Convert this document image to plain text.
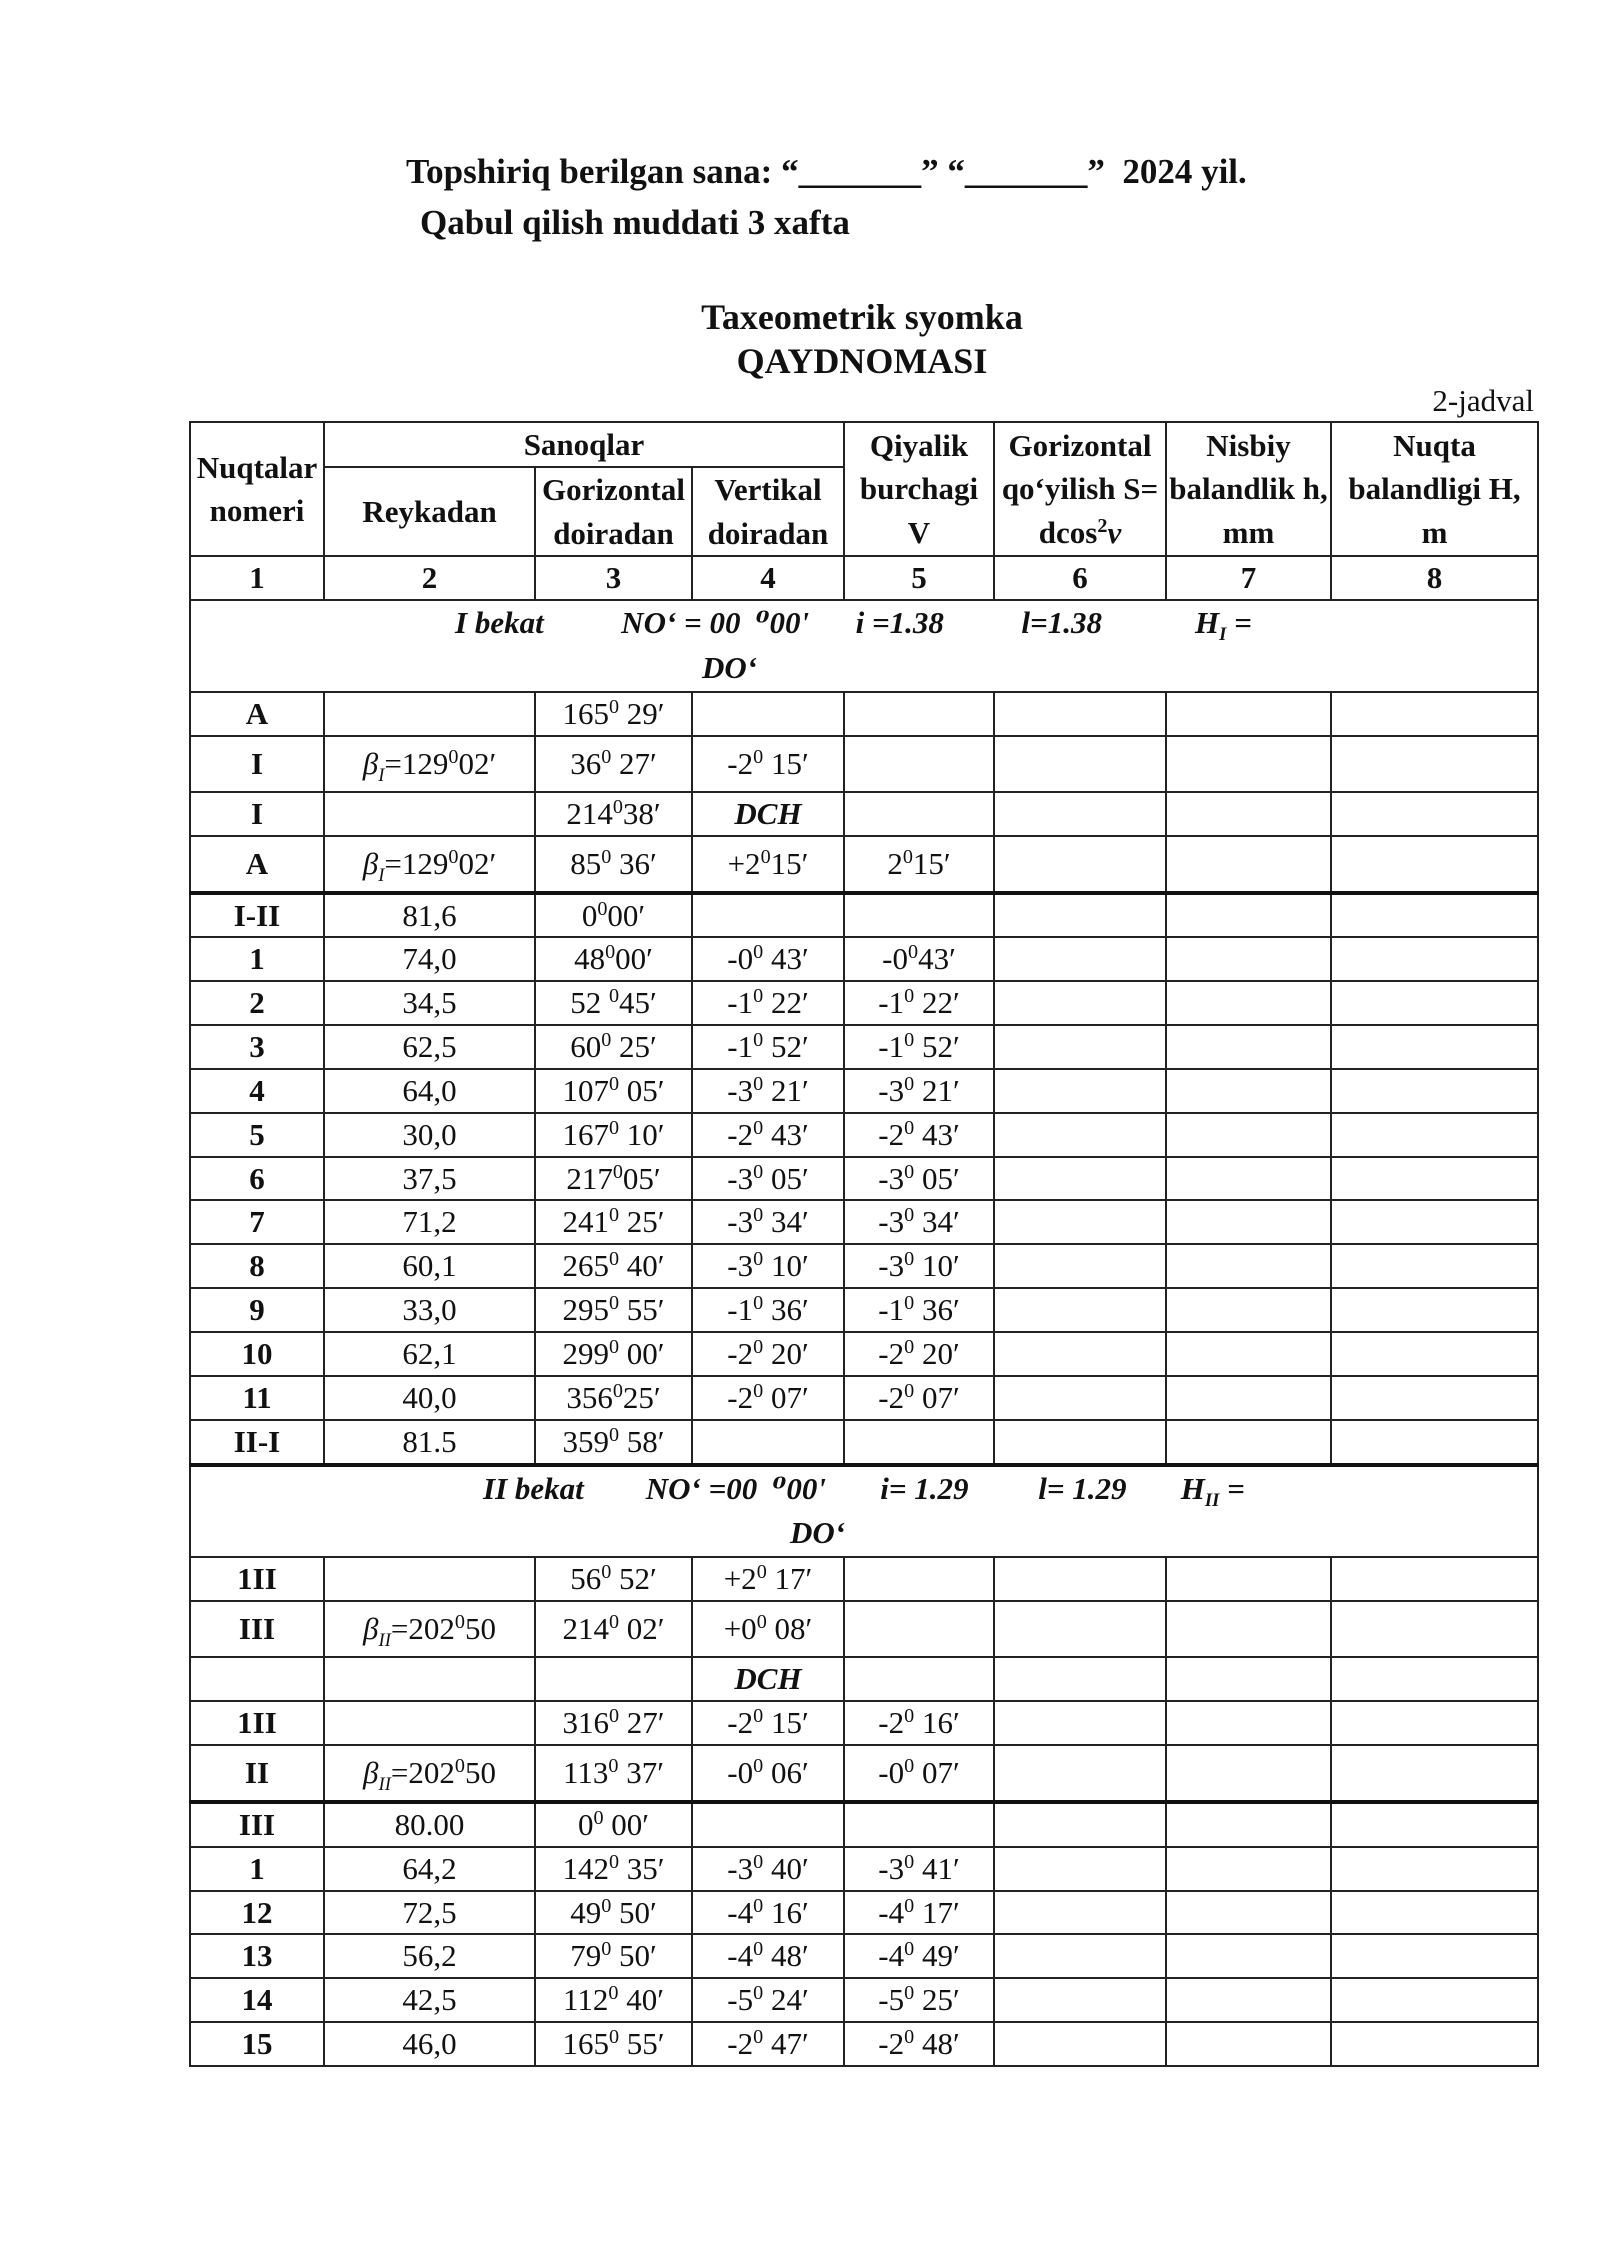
Topshiriq berilgan sana: “_______” “_______”  2024 yil.
Qabul qilish muddati 3 xafta
Taxeometrik syomka
QAYDNOMASI
2-jadval
Nuqtalar nomeri	Sanoqlar			Qiyalik burchagi V	Gorizontal qo‘yilish S= dcos$^2$ν	Nisbiy balandlik h, mm	Nuqta balandligi H, m
	Reykadan	Gorizontal doiradan	Vertikal doiradan				
1	2	3	4	5	6	7	8
I bekat          NO‘ = 00  ⁰00'      i =1.38          l=1.38            $H_I$ =
DO‘							
A		$165^0$ 29′					
I	$\beta_I=129^002'$	$36^0$ 27′	$-2^0$ 15′				
I		$214^038'$	DCH				
A	$\beta_I=129^002'$	$85^0$ 36′	$+2^015'$	$2^015'$			
I-II	81,6	$0^000'$					
1	74,0	$48^000'$	$-0^0$ 43′	$-0^043'$			
2	34,5	52 $^0$45′	$-1^0$ 22′	$-1^0$ 22′			
3	62,5	$60^0$ 25′	$-1^0$ 52′	$-1^0$ 52′			
4	64,0	$107^0$ 05′	$-3^0$ 21′	$-3^0$ 21′			
5	30,0	$167^0$ 10′	$-2^0$ 43′	$-2^0$ 43′			
6	37,5	$217^005'$	$-3^0$ 05′	$-3^0$ 05′			
7	71,2	$241^0$ 25′	$-3^0$ 34′	$-3^0$ 34′			
8	60,1	$265^0$ 40′	$-3^0$ 10′	$-3^0$ 10′			
9	33,0	$295^0$ 55′	$-1^0$ 36′	$-1^0$ 36′			
10	62,1	$299^0$ 00′	$-2^0$ 20′	$-2^0$ 20′			
11	40,0	$356^025'$	$-2^0$ 07′	$-2^0$ 07′			
II-I	81.5	$359^0$ 58′					
II bekat        NO‘ =00  ⁰00'       i= 1.29         l= 1.29       $H_{II}$ =
DO‘							
1II		$56^0$ 52′	$+2^0$ 17′				
III	$\beta_{II}=202^050$	$214^0$ 02′	$+0^0$ 08′				
			DCH				
1II		$316^0$ 27′	$-2^0$ 15′	$-2^0$ 16′			
II	$\beta_{II}=202^050$	$113^0$ 37′	$-0^0$ 06′	$-0^0$ 07′			
III	80.00	$0^0$ 00′					
1	64,2	$142^0$ 35′	$-3^0$ 40′	$-3^0$ 41′			
12	72,5	$49^0$ 50′	$-4^0$ 16′	$-4^0$ 17′			
13	56,2	$79^0$ 50′	$-4^0$ 48′	$-4^0$ 49′			
14	42,5	$112^0$ 40′	$-5^0$ 24′	$-5^0$ 25′			
15	46,0	$165^0$ 55′	$-2^0$ 47′	$-2^0$ 48′			
